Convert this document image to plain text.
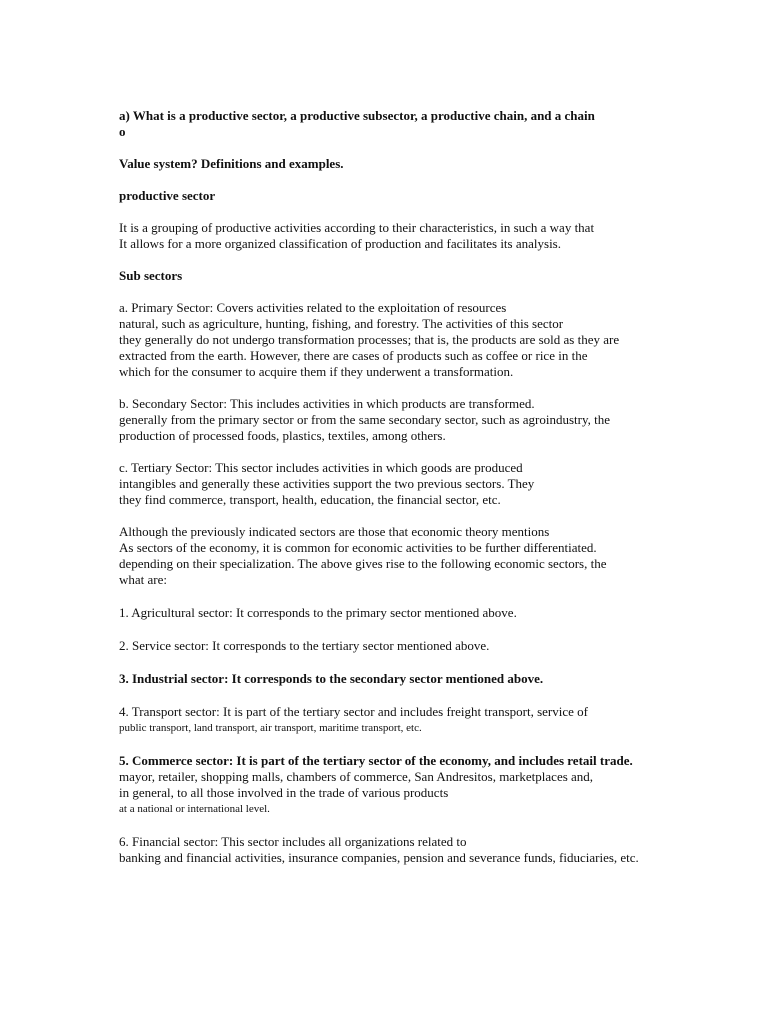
a) What is a productive sector, a productive subsector, a productive chain, and a chain
o
Value system? Definitions and examples.
productive sector
It is a grouping of productive activities according to their characteristics, in such a way that
It allows for a more organized classification of production and facilitates its analysis.
Sub sectors
a. Primary Sector: Covers activities related to the exploitation of resources
natural, such as agriculture, hunting, fishing, and forestry. The activities of this sector
they generally do not undergo transformation processes; that is, the products are sold as they are
extracted from the earth. However, there are cases of products such as coffee or rice in the
which for the consumer to acquire them if they underwent a transformation.
b. Secondary Sector: This includes activities in which products are transformed.
generally from the primary sector or from the same secondary sector, such as agroindustry, the
production of processed foods, plastics, textiles, among others.
c. Tertiary Sector: This sector includes activities in which goods are produced
intangibles and generally these activities support the two previous sectors. They
they find commerce, transport, health, education, the financial sector, etc.
Although the previously indicated sectors are those that economic theory mentions
As sectors of the economy, it is common for economic activities to be further differentiated.
depending on their specialization. The above gives rise to the following economic sectors, the
what are:
1. Agricultural sector: It corresponds to the primary sector mentioned above.
2. Service sector: It corresponds to the tertiary sector mentioned above.
3. Industrial sector: It corresponds to the secondary sector mentioned above.
4. Transport sector: It is part of the tertiary sector and includes freight transport, service of
public transport, land transport, air transport, maritime transport, etc.
5. Commerce sector: It is part of the tertiary sector of the economy, and includes retail trade.
mayor, retailer, shopping malls, chambers of commerce, San Andresitos, marketplaces and,
in general, to all those involved in the trade of various products
at a national or international level.
6. Financial sector: This sector includes all organizations related to
banking and financial activities, insurance companies, pension and severance funds, fiduciaries, etc.
